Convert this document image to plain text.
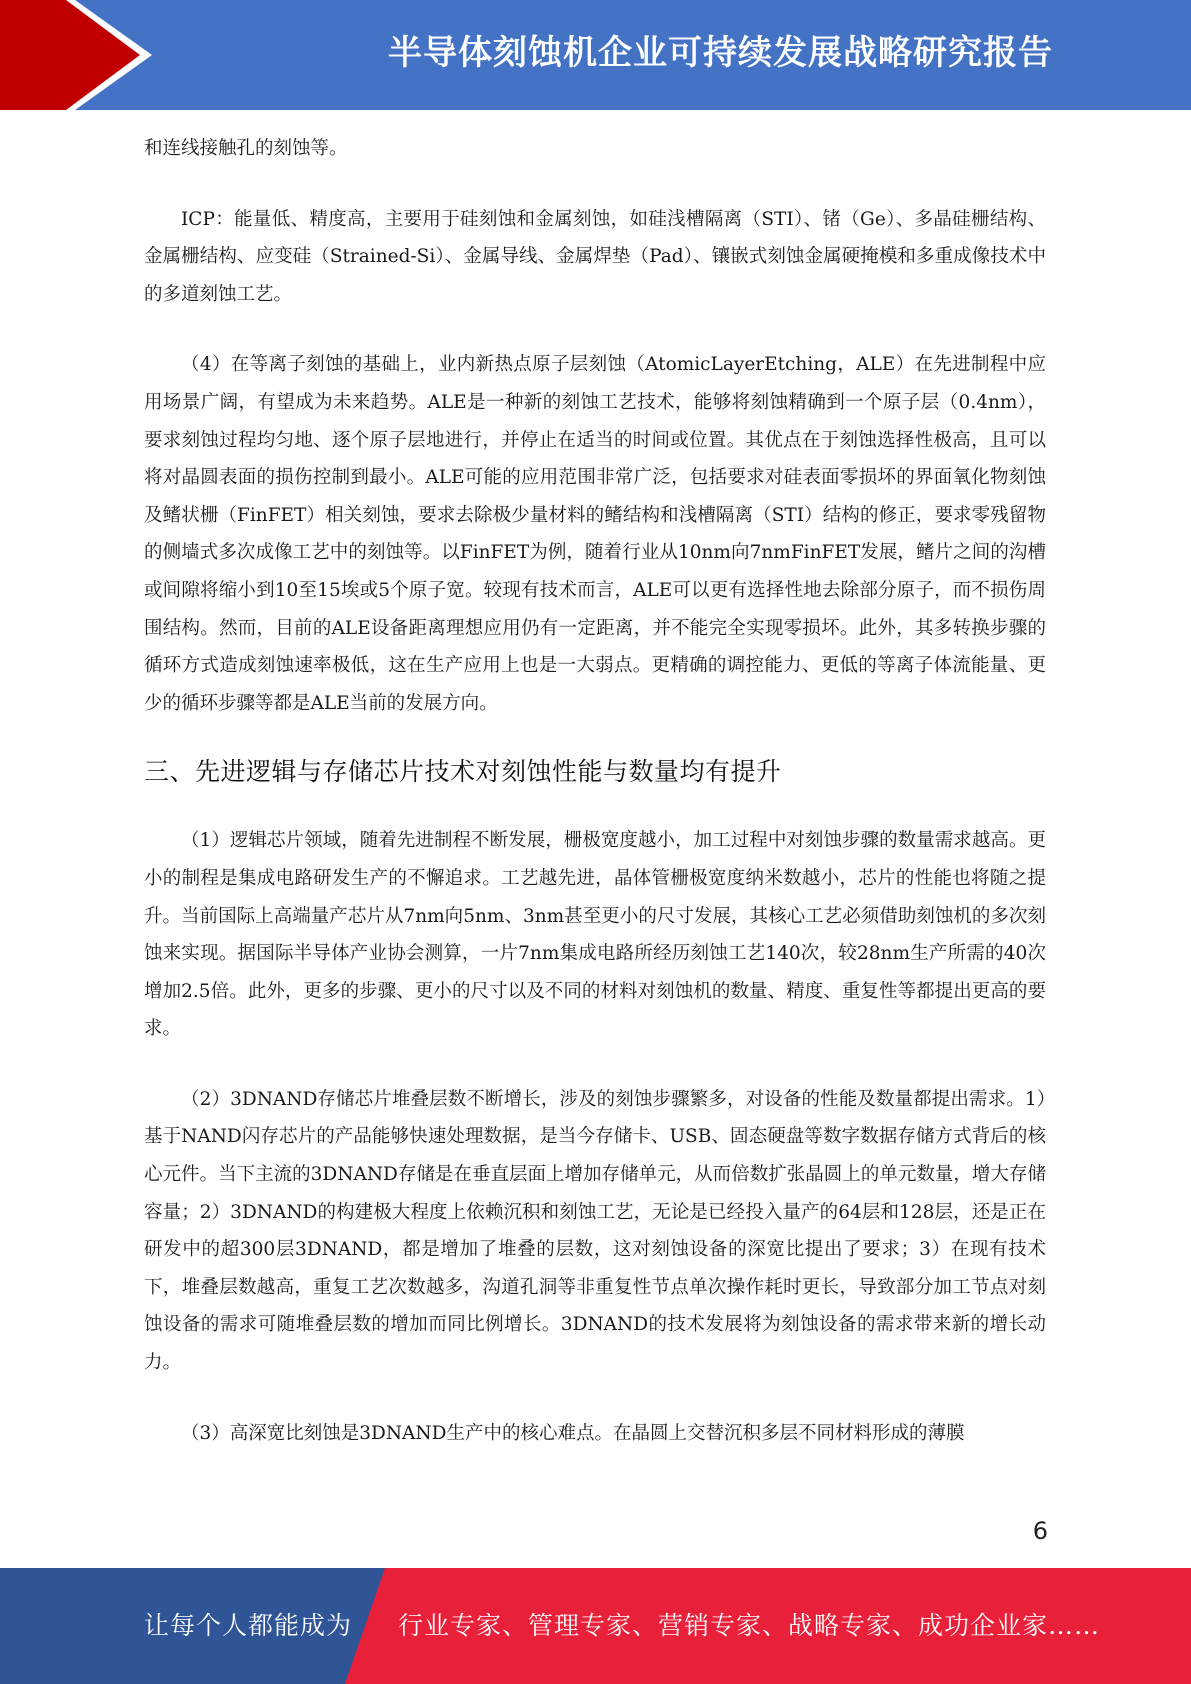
半导体刻蚀机企业可持续发展战略研究报告

和连线接触孔的刻蚀等。

ICP：能量低、精度高，主要用于硅刻蚀和金属刻蚀，如硅浅槽隔离（STI）、锗（Ge）、多晶硅栅结构、金属栅结构、应变硅（Strained-Si）、金属导线、金属焊垫（Pad）、镶嵌式刻蚀金属硬掩模和多重成像技术中的多道刻蚀工艺。

（4）在等离子刻蚀的基础上，业内新热点原子层刻蚀（AtomicLayerEtching，ALE）在先进制程中应用场景广阔，有望成为未来趋势。ALE是一种新的刻蚀工艺技术，能够将刻蚀精确到一个原子层（0.4nm），要求刻蚀过程均匀地、逐个原子层地进行，并停止在适当的时间或位置。其优点在于刻蚀选择性极高，且可以将对晶圆表面的损伤控制到最小。ALE可能的应用范围非常广泛，包括要求对硅表面零损坏的界面氧化物刻蚀及鳍状栅（FinFET）相关刻蚀，要求去除极少量材料的鳍结构和浅槽隔离（STI）结构的修正，要求零残留物的侧墙式多次成像工艺中的刻蚀等。以FinFET为例，随着行业从10nm向7nmFinFET发展，鳍片之间的沟槽或间隙将缩小到10至15埃或5个原子宽。较现有技术而言，ALE可以更有选择性地去除部分原子，而不损伤周围结构。然而，目前的ALE设备距离理想应用仍有一定距离，并不能完全实现零损坏。此外，其多转换步骤的循环方式造成刻蚀速率极低，这在生产应用上也是一大弱点。更精确的调控能力、更低的等离子体流能量、更少的循环步骤等都是ALE当前的发展方向。

三、先进逻辑与存储芯片技术对刻蚀性能与数量均有提升

（1）逻辑芯片领域，随着先进制程不断发展，栅极宽度越小，加工过程中对刻蚀步骤的数量需求越高。更小的制程是集成电路研发生产的不懈追求。工艺越先进，晶体管栅极宽度纳米数越小，芯片的性能也将随之提升。当前国际上高端量产芯片从7nm向5nm、3nm甚至更小的尺寸发展，其核心工艺必须借助刻蚀机的多次刻蚀来实现。据国际半导体产业协会测算，一片7nm集成电路所经历刻蚀工艺140次，较28nm生产所需的40次增加2.5倍。此外，更多的步骤、更小的尺寸以及不同的材料对刻蚀机的数量、精度、重复性等都提出更高的要求。

（2）3DNAND存储芯片堆叠层数不断增长，涉及的刻蚀步骤繁多，对设备的性能及数量都提出需求。1）基于NAND闪存芯片的产品能够快速处理数据，是当今存储卡、USB、固态硬盘等数字数据存储方式背后的核心元件。当下主流的3DNAND存储是在垂直层面上增加存储单元，从而倍数扩张晶圆上的单元数量，增大存储容量；2）3DNAND的构建极大程度上依赖沉积和刻蚀工艺，无论是已经投入量产的64层和128层，还是正在研发中的超300层3DNAND，都是增加了堆叠的层数，这对刻蚀设备的深宽比提出了要求；3）在现有技术下，堆叠层数越高，重复工艺次数越多，沟道孔洞等非重复性节点单次操作耗时更长，导致部分加工节点对刻蚀设备的需求可随堆叠层数的增加而同比例增长。3DNAND的技术发展将为刻蚀设备的需求带来新的增长动力。

（3）高深宽比刻蚀是3DNAND生产中的核心难点。在晶圆上交替沉积多层不同材料形成的薄膜

6
让每个人都能成为 行业专家、管理专家、营销专家、战略专家、成功企业家……
